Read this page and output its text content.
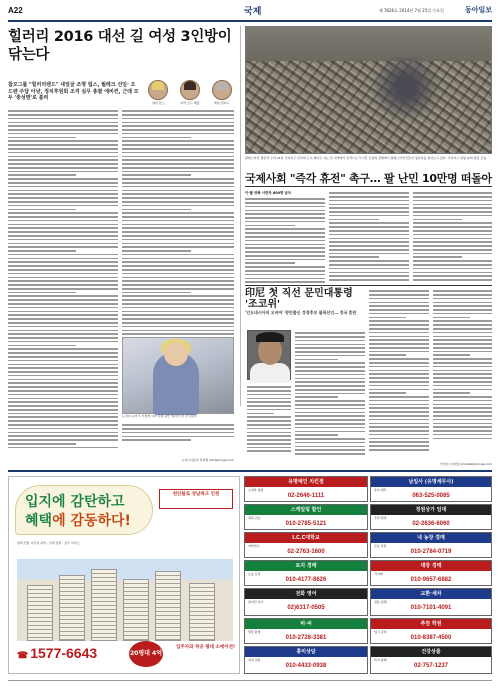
A22	국제	제 7826호 2014년 7월 25일 수요일	동아일보
힐러리 2016 대선 길 여성 3인방이 닦는다
참모그룹 "힐러리랜드" 새얼굴 조명 립스, 월레크 선임· 오드렌 주답 아냥, 정치후원회 조직 실무 총괄 에비컨, 근데 모두 '충성맨'로 불려
애비 립스	미라 오드 배홀	에비 섭하드
뉴저지 뉴어크 거점에 여러 일정 중인 힐러리 전 국무장관.
뉴욕=이승헌 특파원 ddr@donga.com
팔레스타인 샘존작 수색 21일 가자지구 북부의 도시 베이트 하눈 한 지역에서 폭격으로 무너진 건물의 잔해에서 팔레스타인인들이 생존자를 찾아보고 있다. 가자지구 대량 파괴 현장 모습.
국제사회 "즉각 휴전" 촉구… 팔 난민 10만명 떠돌아
이-팔 양측 사망자 600명 넘어
印尼 첫 직선 문민대통령 '조코위'
'인도네시아의 오바마' 평민출신 정경후보 불복선언… 정국 혼란
카이로=이대섭 kmrabb@donga.com
입지에 감탄하고
혜택에 감동하다!
천안블로 성남파크 인천
평택 선임 사무실 지역 · 전세 전환 · 입주 서비스
☎ 1577-6643	20평대 4억
입주자와 착공 평대 소에이션!
유명예인 치킨점
소자본 창업
02-2646-1111
남일사 (유명세무사)
조사·세무
063-525-0085
스케일링 할인
치과 진료
010-2785-5121
정원상가 임대
주차 편리
02-2636-6060
I.C.C대학교
어학연수
02-2763-1600
내 농장 경매
무료 상담
010-2784-0719
토지 경매
오송 토지
010-4177-8626
대장 경매
직거래
010-9657-6882
전화 영어
원어민 강사
02)6317-0505
교환·세차
전문 업체
010-7101-4091
비·씨
상담 환영
010-2728-3381
추천 학원
입시 준비
010-8387-4500
홍미상담
여성 전용
010-4433-0938
건강상품
특가 판매
02-757-1237
